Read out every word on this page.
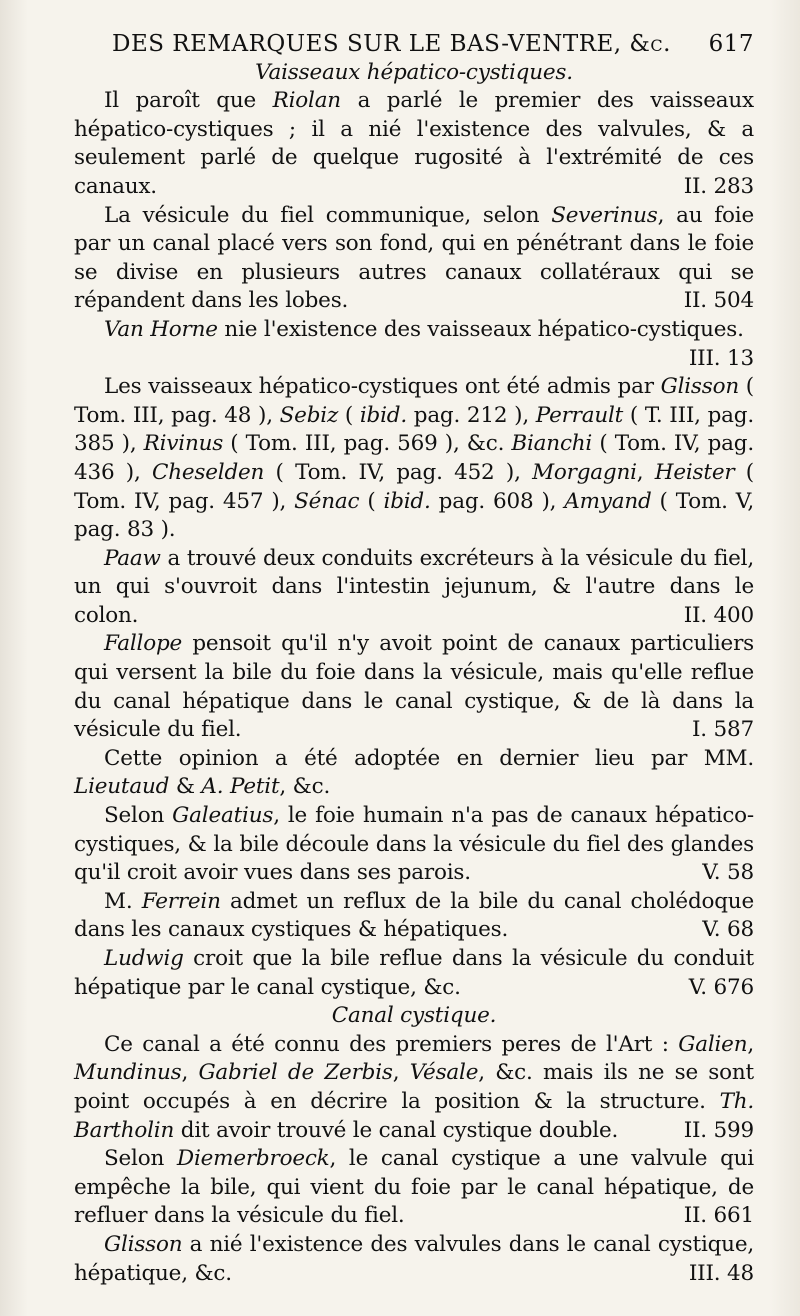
DES REMARQUES SUR LE BAS-VENTRE, &c. 617
Vaisseaux hépatico-cystiques.

Il paroît que Riolan a parlé le premier des vaisseaux hépatico-cystiques ; il a nié l'existence des valvules, & a seulement parlé de quelque rugosité à l'extrémité de ces canaux.	II. 283

La vésicule du fiel communique, selon Severinus, au foie par un canal placé vers son fond, qui en pénétrant dans le foie se divise en plusieurs autres canaux collatéraux qui se répandent dans les lobes.	II. 504

Van Horne nie l'existence des vaisseaux hépatico-cystiques.
III. 13

Les vaisseaux hépatico-cystiques ont été admis par Glisson ( Tom. III, pag. 48 ), Sebiz ( ibid. pag. 212 ), Perrault ( T. III, pag. 385 ), Rivinus ( Tom. III, pag. 569 ), &c. Bianchi ( Tom. IV, pag. 436 ), Cheselden ( Tom. IV, pag. 452 ), Morgagni, Heister ( Tom. IV, pag. 457 ), Sénac ( ibid. pag. 608 ), Amyand ( Tom. V, pag. 83 ).

Paaw a trouvé deux conduits excréteurs à la vésicule du fiel, un qui s'ouvroit dans l'intestin jejunum, & l'autre dans le colon.	II. 400

Fallope pensoit qu'il n'y avoit point de canaux particuliers qui versent la bile du foie dans la vésicule, mais qu'elle reflue du canal hépatique dans le canal cystique, & de là dans la vésicule du fiel.	I. 587

Cette opinion a été adoptée en dernier lieu par MM. Lieutaud & A. Petit, &c.

Selon Galeatius, le foie humain n'a pas de canaux hépatico-cystiques, & la bile découle dans la vésicule du fiel des glandes qu'il croit avoir vues dans ses parois.	V. 58

M. Ferrein admet un reflux de la bile du canal cholédoque dans les canaux cystiques & hépatiques.	V. 68

Ludwig croit que la bile reflue dans la vésicule du conduit hépatique par le canal cystique, &c.	V. 676

Canal cystique.

Ce canal a été connu des premiers peres de l'Art : Galien, Mundinus, Gabriel de Zerbis, Vésale, &c. mais ils ne se sont point occupés à en décrire la position & la structure. Th. Bartholin dit avoir trouvé le canal cystique double.	II. 599

Selon Diemerbroeck, le canal cystique a une valvule qui empêche la bile, qui vient du foie par le canal hépatique, de refluer dans la vésicule du fiel.	II. 661

Glisson a nié l'existence des valvules dans le canal cystique, hépatique, &c.	III. 48
